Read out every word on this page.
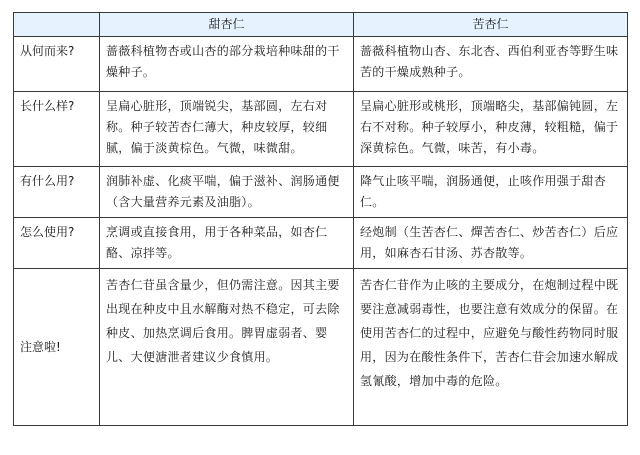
	甜杏仁	苦杏仁
从何而来?	蔷薇科植物杏或山杏的部分栽培种味甜的干燥种子。	蔷薇科植物山杏、东北杏、西伯利亚杏等野生味苦的干燥成熟种子。

长什么样?	呈扁心脏形，顶端锐尖，基部圆，左右对称。种子较苦杏仁薄大，种皮较厚，较细腻，偏于淡黄棕色。气微，味微甜。	呈扁心脏形或桃形，顶端略尖，基部偏钝圆，左右不对称。种子较厚小，种皮薄，较粗糙，偏于深黄棕色。气微，味苦，有小毒。

有什么用?	润肺补虚、化痰平喘，偏于滋补、润肠通便（含大量营养元素及油脂）。	降气止咳平喘，润肠通便，止咳作用强于甜杏仁。

怎么使用?	烹调或直接食用，用于各种菜品，如杏仁酪、凉拌等。	经炮制（生苦杏仁、燀苦杏仁、炒苦杏仁）后应用，如麻杏石甘汤、苏杏散等。

注意啦!	苦杏仁苷虽含量少，但仍需注意。因其主要出现在种皮中且水解酶对热不稳定，可去除种皮、加热烹调后食用。脾胃虚弱者、婴儿、大便溏泄者建议少食慎用。	苦杏仁苷作为止咳的主要成分，在炮制过程中既要注意减弱毒性，也要注意有效成分的保留。在使用苦杏仁的过程中，应避免与酸性药物同时服用，因为在酸性条件下，苦杏仁苷会加速水解成氢氰酸，增加中毒的危险。
